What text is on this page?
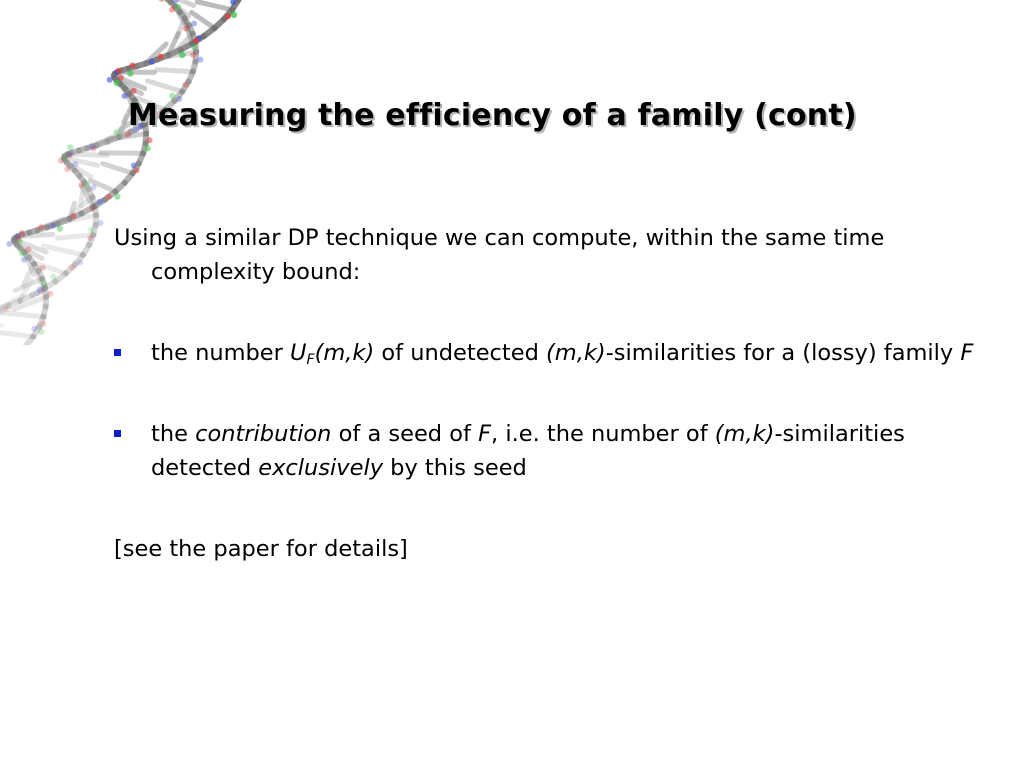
Measuring the efficiency of a family (cont)

Using a similar DP technique we can compute, within the same time complexity bound:

the number $U_F(m,k)$ of undetected (m,k)-similarities for a (lossy) family F

the contribution of a seed of F, i.e. the number of (m,k)-similarities detected exclusively by this seed

[see the paper for details]
